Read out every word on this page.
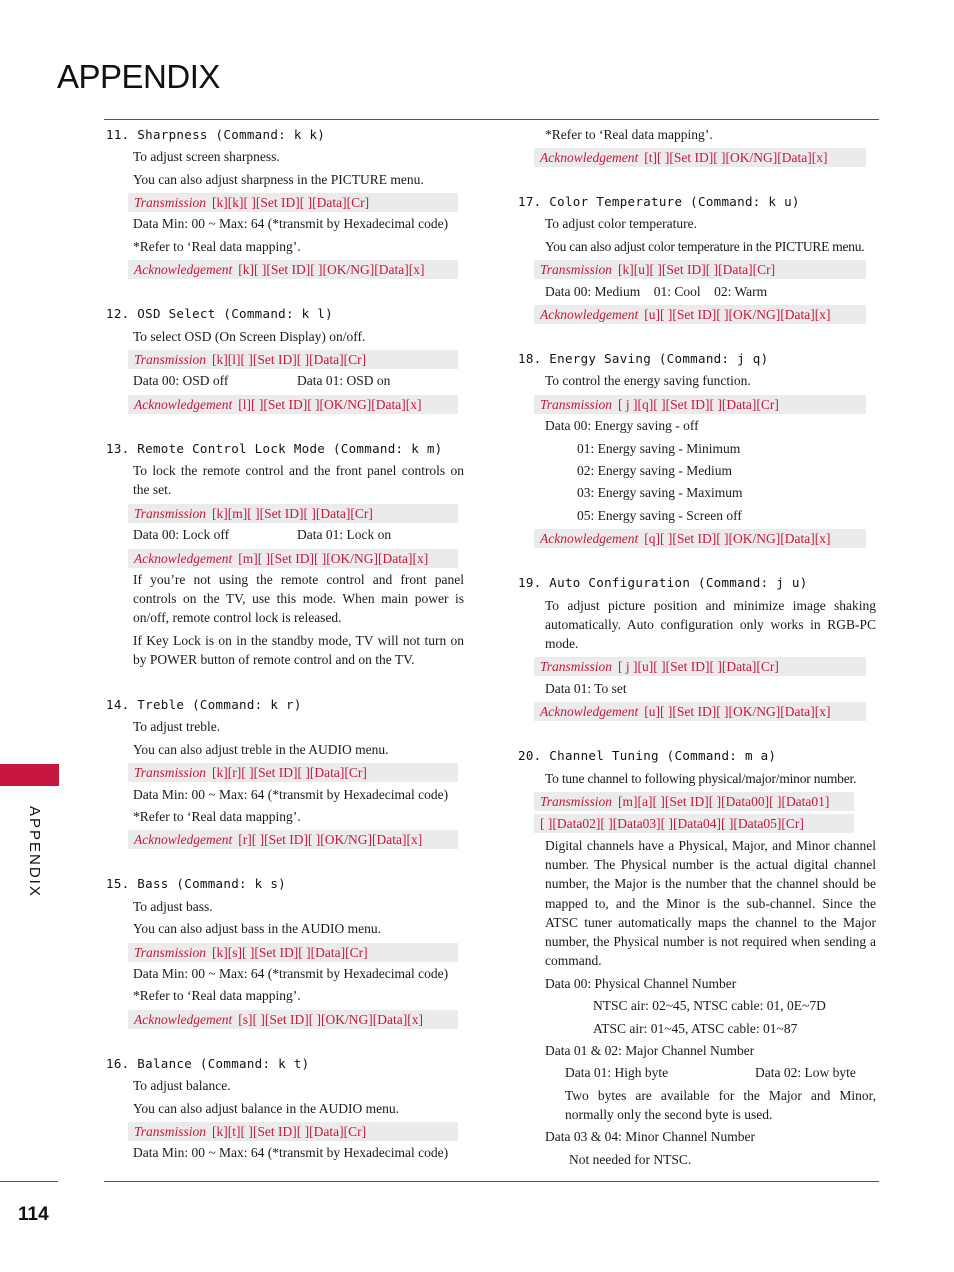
APPENDIX
11. Sharpness (Command: k k)
To adjust screen sharpness.
You can also adjust sharpness in the PICTURE menu.
Transmission [k][k][ ][Set ID][ ][Data][Cr]
Data Min: 00 ~ Max: 64 (*transmit by Hexadecimal code)
*Refer to ‘Real data mapping’.
Acknowledgement [k][ ][Set ID][ ][OK/NG][Data][x]
12. OSD Select (Command: k l)
To select OSD (On Screen Display) on/off.
Transmission [k][l][ ][Set ID][ ][Data][Cr]
Data 00: OSD off	Data 01: OSD on
Acknowledgement [l][ ][Set ID][ ][OK/NG][Data][x]
13. Remote Control Lock Mode (Command: k m)
To lock the remote control and the front panel controls on the set.
Transmission [k][m][ ][Set ID][ ][Data][Cr]
Data 00: Lock off	Data 01: Lock on
Acknowledgement [m][ ][Set ID][ ][OK/NG][Data][x]
If you’re not using the remote control and front panel controls on the TV, use this mode. When main power is on/off, remote control lock is released.
If Key Lock is on in the standby mode, TV will not turn on by POWER button of remote control and on the TV.
14. Treble (Command: k r)
To adjust treble.
You can also adjust treble in the AUDIO menu.
Transmission [k][r][ ][Set ID][ ][Data][Cr]
Data Min: 00 ~ Max: 64 (*transmit by Hexadecimal code)
*Refer to ‘Real data mapping’.
Acknowledgement [r][ ][Set ID][ ][OK/NG][Data][x]
15. Bass (Command: k s)
To adjust bass.
You can also adjust bass in the AUDIO menu.
Transmission [k][s][ ][Set ID][ ][Data][Cr]
Data Min: 00 ~ Max: 64 (*transmit by Hexadecimal code)
*Refer to ‘Real data mapping’.
Acknowledgement [s][ ][Set ID][ ][OK/NG][Data][x]
16. Balance (Command: k t)
To adjust balance.
You can also adjust balance in the AUDIO menu.
Transmission [k][t][ ][Set ID][ ][Data][Cr]
Data Min: 00 ~ Max: 64 (*transmit by Hexadecimal code)
*Refer to ‘Real data mapping’.
Acknowledgement [t][ ][Set ID][ ][OK/NG][Data][x]
17. Color Temperature (Command: k u)
To adjust color temperature.
You can also adjust color temperature in the PICTURE menu.
Transmission [k][u][ ][Set ID][ ][Data][Cr]
Data 00: Medium    01: Cool    02: Warm
Acknowledgement [u][ ][Set ID][ ][OK/NG][Data][x]
18. Energy Saving (Command: j q)
To control the energy saving function.
Transmission [ j ][q][ ][Set ID][ ][Data][Cr]
Data 00: Energy saving - off
01: Energy saving - Minimum
02: Energy saving - Medium
03: Energy saving - Maximum
05: Energy saving - Screen off
Acknowledgement [q][ ][Set ID][ ][OK/NG][Data][x]
19. Auto Configuration (Command: j u)
To adjust picture position and minimize image shaking automatically. Auto configuration only works in RGB-PC mode.
Transmission [ j ][u][ ][Set ID][ ][Data][Cr]
Data 01: To set
Acknowledgement [u][ ][Set ID][ ][OK/NG][Data][x]
20. Channel Tuning (Command: m a)
To tune channel to following physical/major/minor number.
Transmission [m][a][ ][Set ID][ ][Data00][ ][Data01]
[ ][Data02][ ][Data03][ ][Data04][ ][Data05][Cr]
Digital channels have a Physical, Major, and Minor channel number. The Physical number is the actual digital channel number, the Major is the number that the channel should be mapped to, and the Minor is the sub-channel. Since the ATSC tuner automatically maps the channel to the Major number, the Physical number is not required when sending a command.
Data 00: Physical Channel Number
NTSC air: 02~45, NTSC cable: 01, 0E~7D
ATSC air: 01~45, ATSC cable: 01~87
Data 01 & 02: Major Channel Number
Data 01: High byte	Data 02: Low byte
Two bytes are available for the Major and Minor, normally only the second byte is used.
Data 03 & 04: Minor Channel Number
Not needed for NTSC.
APPENDIX
114
